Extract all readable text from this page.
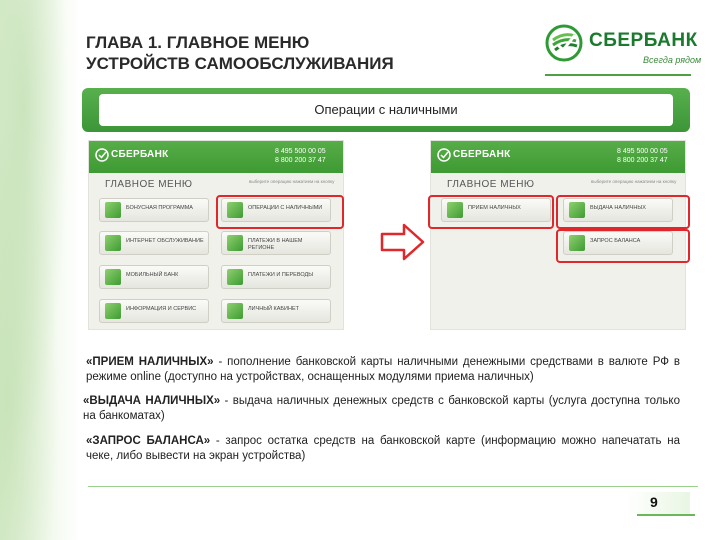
ГЛАВА 1. ГЛАВНОЕ МЕНЮ
УСТРОЙСТВ САМООБСЛУЖИВАНИЯ
СБЕРБАНК
Всегда рядом
Операции с наличными
СБЕРБАНК	8 495 500 00 05
8 800 200 37 47
ГЛАВНОЕ МЕНЮ	выберите операцию нажатием на кнопку
БОНУСНАЯ ПРОГРАММА
ИНТЕРНЕТ ОБСЛУЖИВАНИЕ
МОБИЛЬНЫЙ БАНК
ИНФОРМАЦИЯ И СЕРВИС
ОПЕРАЦИИ С НАЛИЧНЫМИ
ПЛАТЕЖИ В НАШЕМ РЕГИОНЕ
ПЛАТЕЖИ И ПЕРЕВОДЫ
ЛИЧНЫЙ КАБИНЕТ
СБЕРБАНК	8 495 500 00 05
8 800 200 37 47
ГЛАВНОЕ МЕНЮ	выберите операцию нажатием на кнопку
ПРИЕМ НАЛИЧНЫХ	ВЫДАЧА НАЛИЧНЫХ
ЗАПРОС БАЛАНСА

«ПРИЕМ НАЛИЧНЫХ» - пополнение банковской карты наличными денежными средствами в валюте РФ в режиме online (доступно на устройствах, оснащенных модулями приема наличных)

«ВЫДАЧА НАЛИЧНЫХ» - выдача наличных денежных средств с банковской карты (услуга доступна только на банкоматах)

«ЗАПРОС БАЛАНСА» - запрос остатка средств на банковской карте (информацию можно напечатать на чеке, либо вывести на экран устройства)

9
